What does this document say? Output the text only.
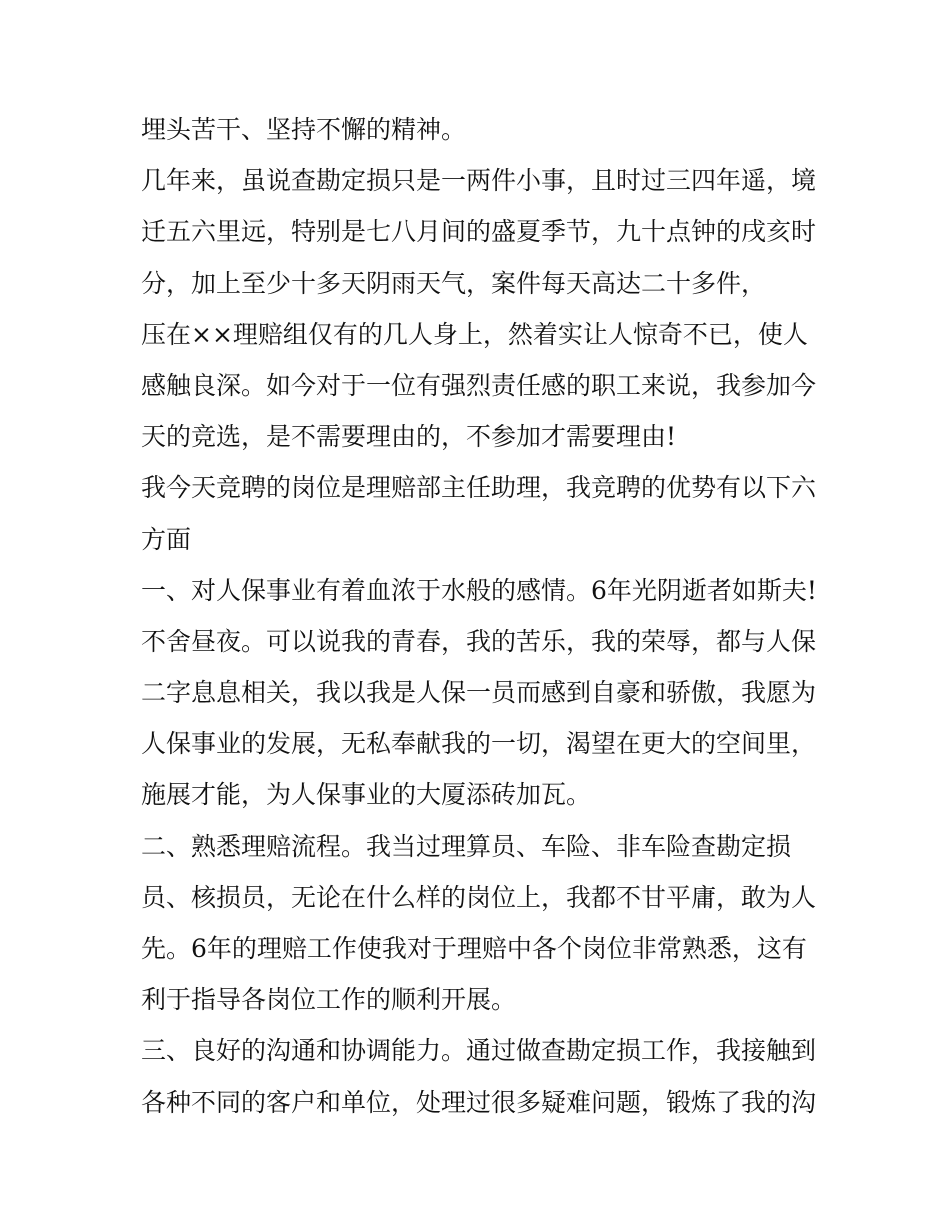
埋头苦干、坚持不懈的精神。
几年来，虽说查勘定损只是一两件小事，且时过三四年遥，境
迁五六里远，特别是七八月间的盛夏季节，九十点钟的戌亥时
分，加上至少十多天阴雨天气，案件每天高达二十多件，
压在××理赔组仅有的几人身上，然着实让人惊奇不已，使人
感触良深。如今对于一位有强烈责任感的职工来说，我参加今
天的竞选，是不需要理由的，不参加才需要理由!
我今天竞聘的岗位是理赔部主任助理，我竞聘的优势有以下六
方面
一、对人保事业有着血浓于水般的感情。6年光阴逝者如斯夫!
不舍昼夜。可以说我的青春，我的苦乐，我的荣辱，都与人保
二字息息相关，我以我是人保一员而感到自豪和骄傲，我愿为
人保事业的发展，无私奉献我的一切，渴望在更大的空间里，
施展才能，为人保事业的大厦添砖加瓦。
二、熟悉理赔流程。我当过理算员、车险、非车险查勘定损
员、核损员，无论在什么样的岗位上，我都不甘平庸，敢为人
先。6年的理赔工作使我对于理赔中各个岗位非常熟悉，这有
利于指导各岗位工作的顺利开展。
三、良好的沟通和协调能力。通过做查勘定损工作，我接触到
各种不同的客户和单位，处理过很多疑难问题，锻炼了我的沟
